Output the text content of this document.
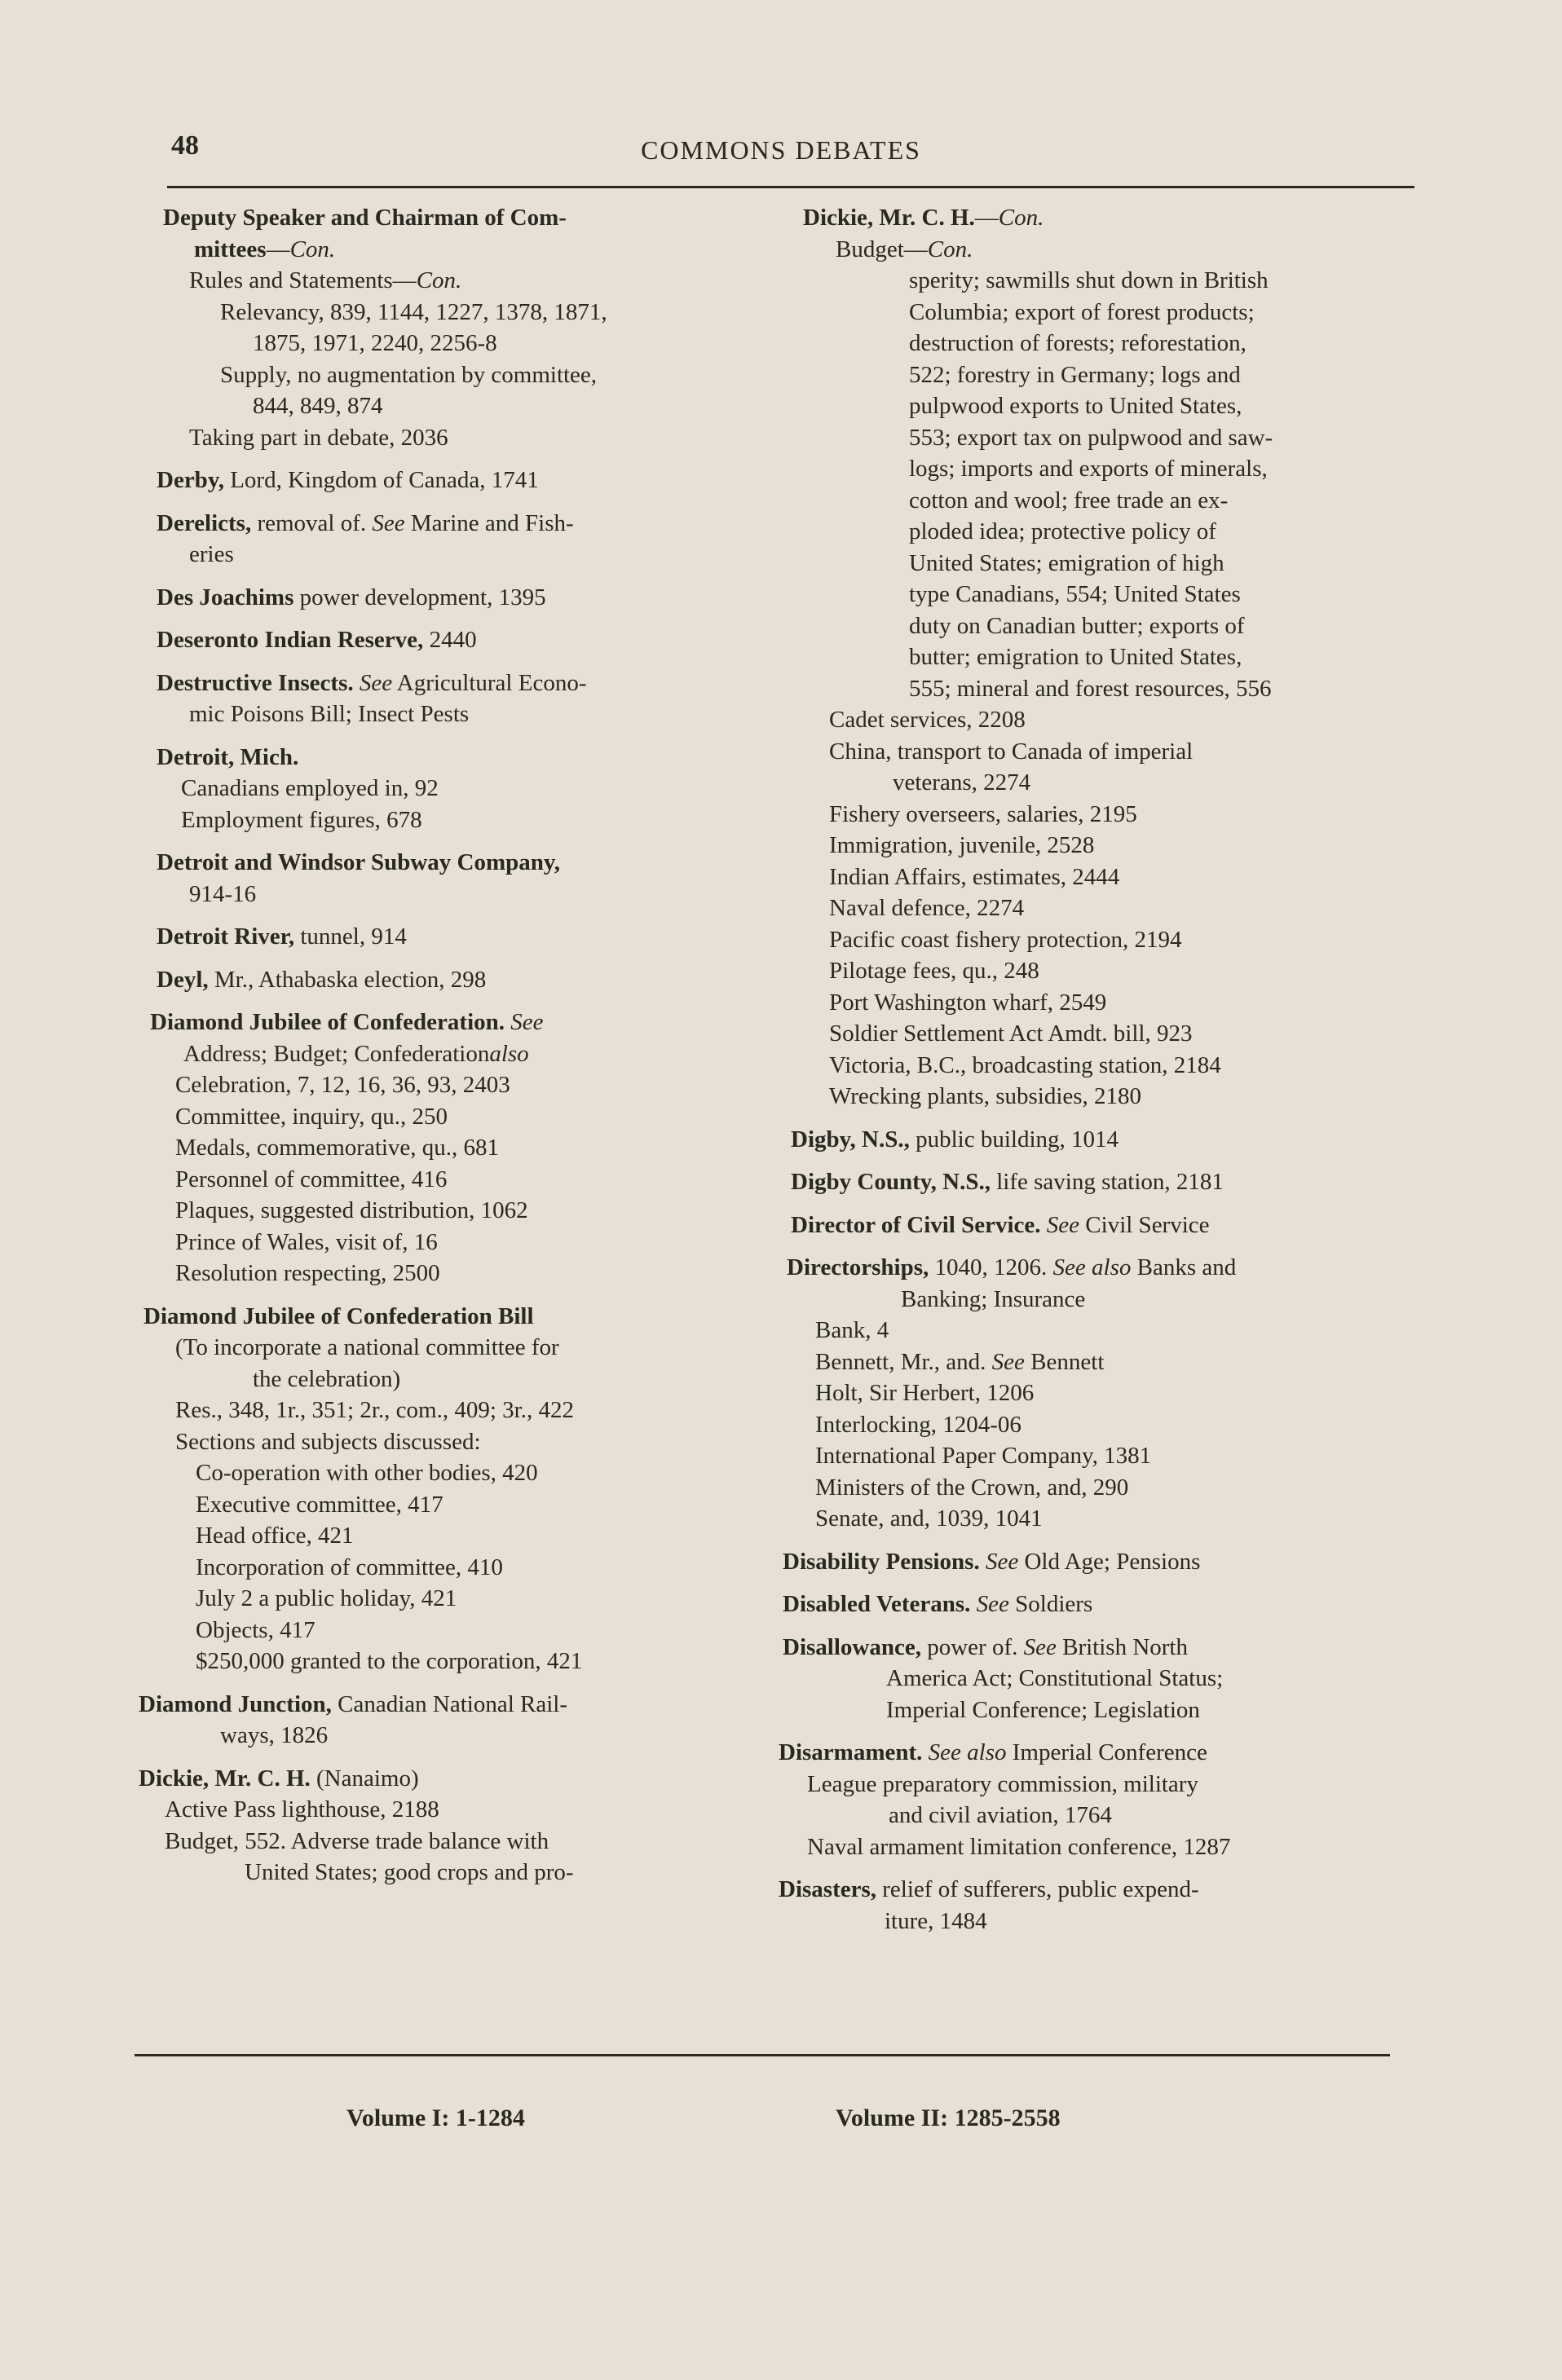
48	COMMONS DEBATES
Deputy Speaker and Chairman of Com-
mittees—Con.
Rules and Statements—Con.
Relevancy, 839, 1144, 1227, 1378, 1871,
1875, 1971, 2240, 2256-8
Supply, no augmentation by committee,
844, 849, 874
Taking part in debate, 2036
Derby, Lord, Kingdom of Canada, 1741
Derelicts, removal of. See Marine and Fish-
eries
Des Joachims power development, 1395
Deseronto Indian Reserve, 2440
Destructive Insects. See Agricultural Econo-
mic Poisons Bill; Insect Pests
Detroit, Mich.
Canadians employed in, 92
Employment figures, 678
Detroit and Windsor Subway Company,
914-16
Detroit River, tunnel, 914
Deyl, Mr., Athabaska election, 298
Diamond Jubilee of Confederation. See
Address; Budget; Confederationalso
Celebration, 7, 12, 16, 36, 93, 2403
Committee, inquiry, qu., 250
Medals, commemorative, qu., 681
Personnel of committee, 416
Plaques, suggested distribution, 1062
Prince of Wales, visit of, 16
Resolution respecting, 2500
Diamond Jubilee of Confederation Bill
(To incorporate a national committee for
the celebration)
Res., 348, 1r., 351; 2r., com., 409; 3r., 422
Sections and subjects discussed:
Co-operation with other bodies, 420
Executive committee, 417
Head office, 421
Incorporation of committee, 410
July 2 a public holiday, 421
Objects, 417
$250,000 granted to the corporation, 421
Diamond Junction, Canadian National Rail-
ways, 1826
Dickie, Mr. C. H. (Nanaimo)
Active Pass lighthouse, 2188
Budget, 552. Adverse trade balance with
United States; good crops and pro-
Dickie, Mr. C. H.—Con.
Budget—Con.
sperity; sawmills shut down in British
Columbia; export of forest products;
destruction of forests; reforestation,
522; forestry in Germany; logs and
pulpwood exports to United States,
553; export tax on pulpwood and saw-
logs; imports and exports of minerals,
cotton and wool; free trade an ex-
ploded idea; protective policy of
United States; emigration of high
type Canadians, 554; United States
duty on Canadian butter; exports of
butter; emigration to United States,
555; mineral and forest resources, 556
Cadet services, 2208
China, transport to Canada of imperial
veterans, 2274
Fishery overseers, salaries, 2195
Immigration, juvenile, 2528
Indian Affairs, estimates, 2444
Naval defence, 2274
Pacific coast fishery protection, 2194
Pilotage fees, qu., 248
Port Washington wharf, 2549
Soldier Settlement Act Amdt. bill, 923
Victoria, B.C., broadcasting station, 2184
Wrecking plants, subsidies, 2180
Digby, N.S., public building, 1014
Digby County, N.S., life saving station, 2181
Director of Civil Service. See Civil Service
Directorships, 1040, 1206. See also Banks and
Banking; Insurance
Bank, 4
Bennett, Mr., and. See Bennett
Holt, Sir Herbert, 1206
Interlocking, 1204-06
International Paper Company, 1381
Ministers of the Crown, and, 290
Senate, and, 1039, 1041
Disability Pensions. See Old Age; Pensions
Disabled Veterans. See Soldiers
Disallowance, power of. See British North
America Act; Constitutional Status;
Imperial Conference; Legislation
Disarmament. See also Imperial Conference
League preparatory commission, military
and civil aviation, 1764
Naval armament limitation conference, 1287
Disasters, relief of sufferers, public expend-
iture, 1484
Volume I: 1-1284	Volume II: 1285-2558
